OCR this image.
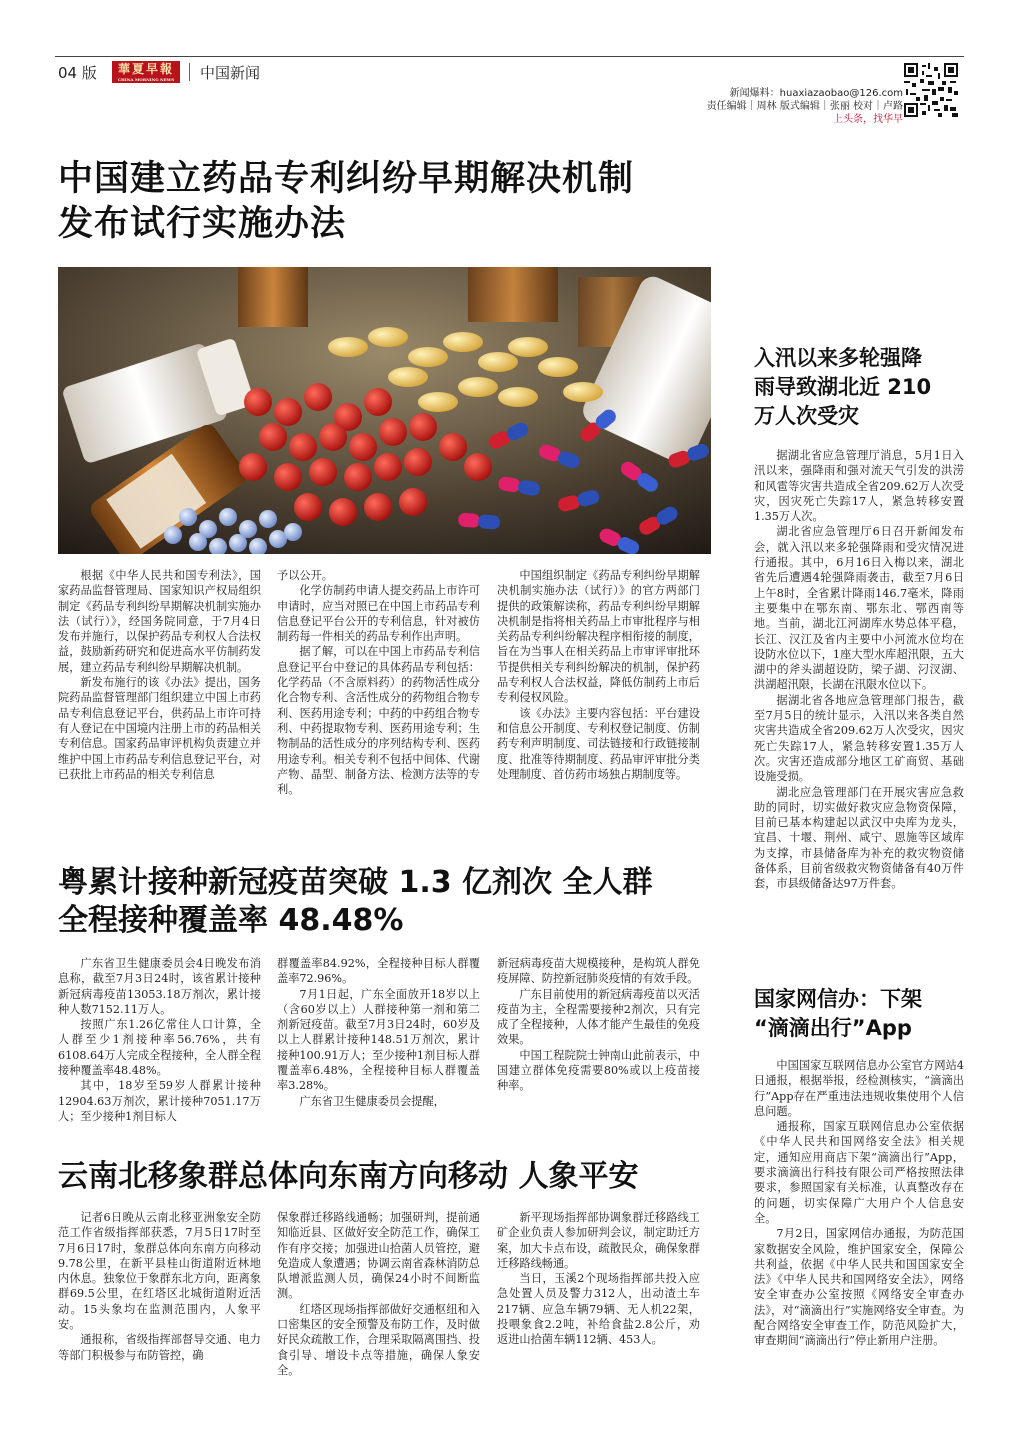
04 版	華夏早報
CHINA MORNING NEWS	中国新闻
新闻爆料：huaxiazaobao@126.com
责任编辑｜周林 版式编辑｜张丽 校对｜卢路
上头条，找华早
中国建立药品专利纠纷早期解决机制
发布试行实施办法

根据《中华人民共和国专利法》，国家药品监督管理局、国家知识产权局组织制定《药品专利纠纷早期解决机制实施办法（试行）》，经国务院同意，于7月4日发布并施行，以保护药品专利权人合法权益，鼓励新药研究和促进高水平仿制药发展，建立药品专利纠纷早期解决机制。

新发布施行的该《办法》提出，国务院药品监督管理部门组织建立中国上市药品专利信息登记平台，供药品上市许可持有人登记在中国境内注册上市的药品相关专利信息。国家药品审评机构负责建立并维护中国上市药品专利信息登记平台，对已获批上市药品的相关专利信息

予以公开。

化学仿制药申请人提交药品上市许可申请时，应当对照已在中国上市药品专利信息登记平台公开的专利信息，针对被仿制药每一件相关的药品专利作出声明。

据了解，可以在中国上市药品专利信息登记平台中登记的具体药品专利包括：化学药品（不含原料药）的药物活性成分化合物专利、含活性成分的药物组合物专利、医药用途专利；中药的中药组合物专利、中药提取物专利、医药用途专利；生物制品的活性成分的序列结构专利、医药用途专利。相关专利不包括中间体、代谢产物、晶型、制备方法、检测方法等的专利。

中国组织制定《药品专利纠纷早期解决机制实施办法（试行）》的官方两部门提供的政策解读称，药品专利纠纷早期解决机制是指将相关药品上市审批程序与相关药品专利纠纷解决程序相衔接的制度，旨在为当事人在相关药品上市审评审批环节提供相关专利纠纷解决的机制，保护药品专利权人合法权益，降低仿制药上市后专利侵权风险。

该《办法》主要内容包括：平台建设和信息公开制度、专利权登记制度、仿制药专利声明制度、司法链接和行政链接制度、批准等待期制度、药品审评审批分类处理制度、首仿药市场独占期制度等。

粤累计接种新冠疫苗突破 1.3 亿剂次 全人群
全程接种覆盖率 48.48%

广东省卫生健康委员会4日晚发布消息称，截至7月3日24时，该省累计接种新冠病毒疫苗13053.18万剂次，累计接种人数7152.11万人。

按照广东1.26亿常住人口计算，全人群至少1剂接种率56.76%，共有6108.64万人完成全程接种，全人群全程接种覆盖率48.48%。

其中，18岁至59岁人群累计接种12904.63万剂次，累计接种7051.17万人；至少接种1剂目标人

群覆盖率84.92%，全程接种目标人群覆盖率72.96%。

7月1日起，广东全面放开18岁以上（含60岁以上）人群接种第一剂和第二剂新冠疫苗。截至7月3日24时，60岁及以上人群累计接种148.51万剂次，累计接种100.91万人；至少接种1剂目标人群覆盖率6.48%，全程接种目标人群覆盖率3.28%。

广东省卫生健康委员会提醒，

新冠病毒疫苗大规模接种，是构筑人群免疫屏障、防控新冠肺炎疫情的有效手段。

广东目前使用的新冠病毒疫苗以灭活疫苗为主，全程需要接种2剂次，只有完成了全程接种，人体才能产生最佳的免疫效果。

中国工程院院士钟南山此前表示，中国建立群体免疫需要80%或以上疫苗接种率。

云南北移象群总体向东南方向移动 人象平安

记者6日晚从云南北移亚洲象安全防范工作省级指挥部获悉，7月5日17时至7月6日17时，象群总体向东南方向移动9.78公里，在新平县桂山街道附近林地内休息。独象位于象群东北方向，距离象群69.5公里，在红塔区北城街道附近活动。15头象均在监测范围内，人象平安。

通报称，省级指挥部督导交通、电力等部门积极参与布防管控，确

保象群迁移路线通畅；加强研判，提前通知临近县、区做好安全防范工作，确保工作有序交接；加强进山拾菌人员管控，避免造成人象遭遇；协调云南省森林消防总队增派监测人员，确保24小时不间断监测。

红塔区现场指挥部做好交通枢纽和入口密集区的安全预警及布防工作，及时做好民众疏散工作，合理采取隔离围挡、投食引导、增设卡点等措施，确保人象安全。

新平现场指挥部协调象群迁移路线工矿企业负责人参加研判会议，制定助迁方案，加大卡点布设，疏散民众，确保象群迁移路线畅通。

当日，玉溪2个现场指挥部共投入应急处置人员及警力312人，出动渣土车217辆、应急车辆79辆、无人机22架，投喂象食2.2吨，补给食盐2.8公斤，劝返进山拾菌车辆112辆、453人。

入汛以来多轮强降
雨导致湖北近 210
万人次受灾

据湖北省应急管理厅消息，5月1日入汛以来，强降雨和强对流天气引发的洪涝和风雹等灾害共造成全省209.62万人次受灾，因灾死亡失踪17人，紧急转移安置1.35万人次。

湖北省应急管理厅6日召开新闻发布会，就入汛以来多轮强降雨和受灾情况进行通报。其中，6月16日入梅以来，湖北省先后遭遇4轮强降雨袭击，截至7月6日上午8时，全省累计降雨146.7毫米，降雨主要集中在鄂东南、鄂东北、鄂西南等地。当前，湖北江河湖库水势总体平稳，长江、汉江及省内主要中小河流水位均在设防水位以下，1座大型水库超汛限，五大湖中的斧头湖超设防，梁子湖、汈汊湖、洪湖超汛限，长湖在汛限水位以下。

据湖北省各地应急管理部门报告，截至7月5日的统计显示，入汛以来各类自然灾害共造成全省209.62万人次受灾，因灾死亡失踪17人，紧急转移安置1.35万人次。灾害还造成部分地区工矿商贸、基础设施受损。

湖北应急管理部门在开展灾害应急救助的同时，切实做好救灾应急物资保障，目前已基本构建起以武汉中央库为龙头，宜昌、十堰、荆州、咸宁、恩施等区域库为支撑，市县储备库为补充的救灾物资储备体系，目前省级救灾物资储备有40万件套，市县级储备达97万件套。

国家网信办：下架
“滴滴出行”App

中国国家互联网信息办公室官方网站4日通报，根据举报，经检测核实，“滴滴出行”App存在严重违法违规收集使用个人信息问题。

通报称，国家互联网信息办公室依据《中华人民共和国网络安全法》相关规定，通知应用商店下架“滴滴出行”App，要求滴滴出行科技有限公司严格按照法律要求，参照国家有关标准，认真整改存在的问题，切实保障广大用户个人信息安全。

7月2日，国家网信办通报，为防范国家数据安全风险，维护国家安全，保障公共利益，依据《中华人民共和国国家安全法》《中华人民共和国网络安全法》，网络安全审查办公室按照《网络安全审查办法》，对“滴滴出行”实施网络安全审查。为配合网络安全审查工作，防范风险扩大，审查期间“滴滴出行”停止新用户注册。
